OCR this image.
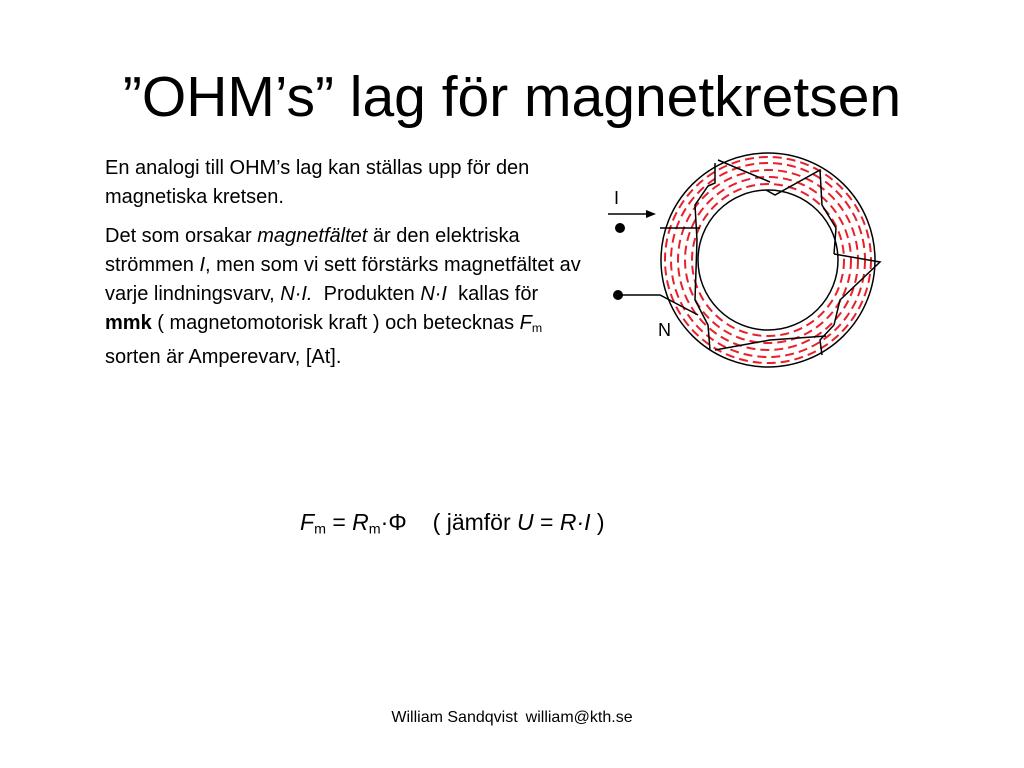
”OHM’s” lag för magnetkretsen

En analogi till OHM’s lag kan ställas upp för den magnetiska kretsen.

Det som orsakar magnetfältet är den elektriska strömmen I, men som vi sett förstärks magnetfältet av varje lindningsvarv, N·I.  Produkten N·I  kallas för mmk ( magnetomotorisk kraft ) och betecknas $F_m$ sorten är Amperevarv, [At].

$F_m = R_m\cdot\Phi$ ( jämför U = R·I )
I
N
William Sandqvist william@kth.se
